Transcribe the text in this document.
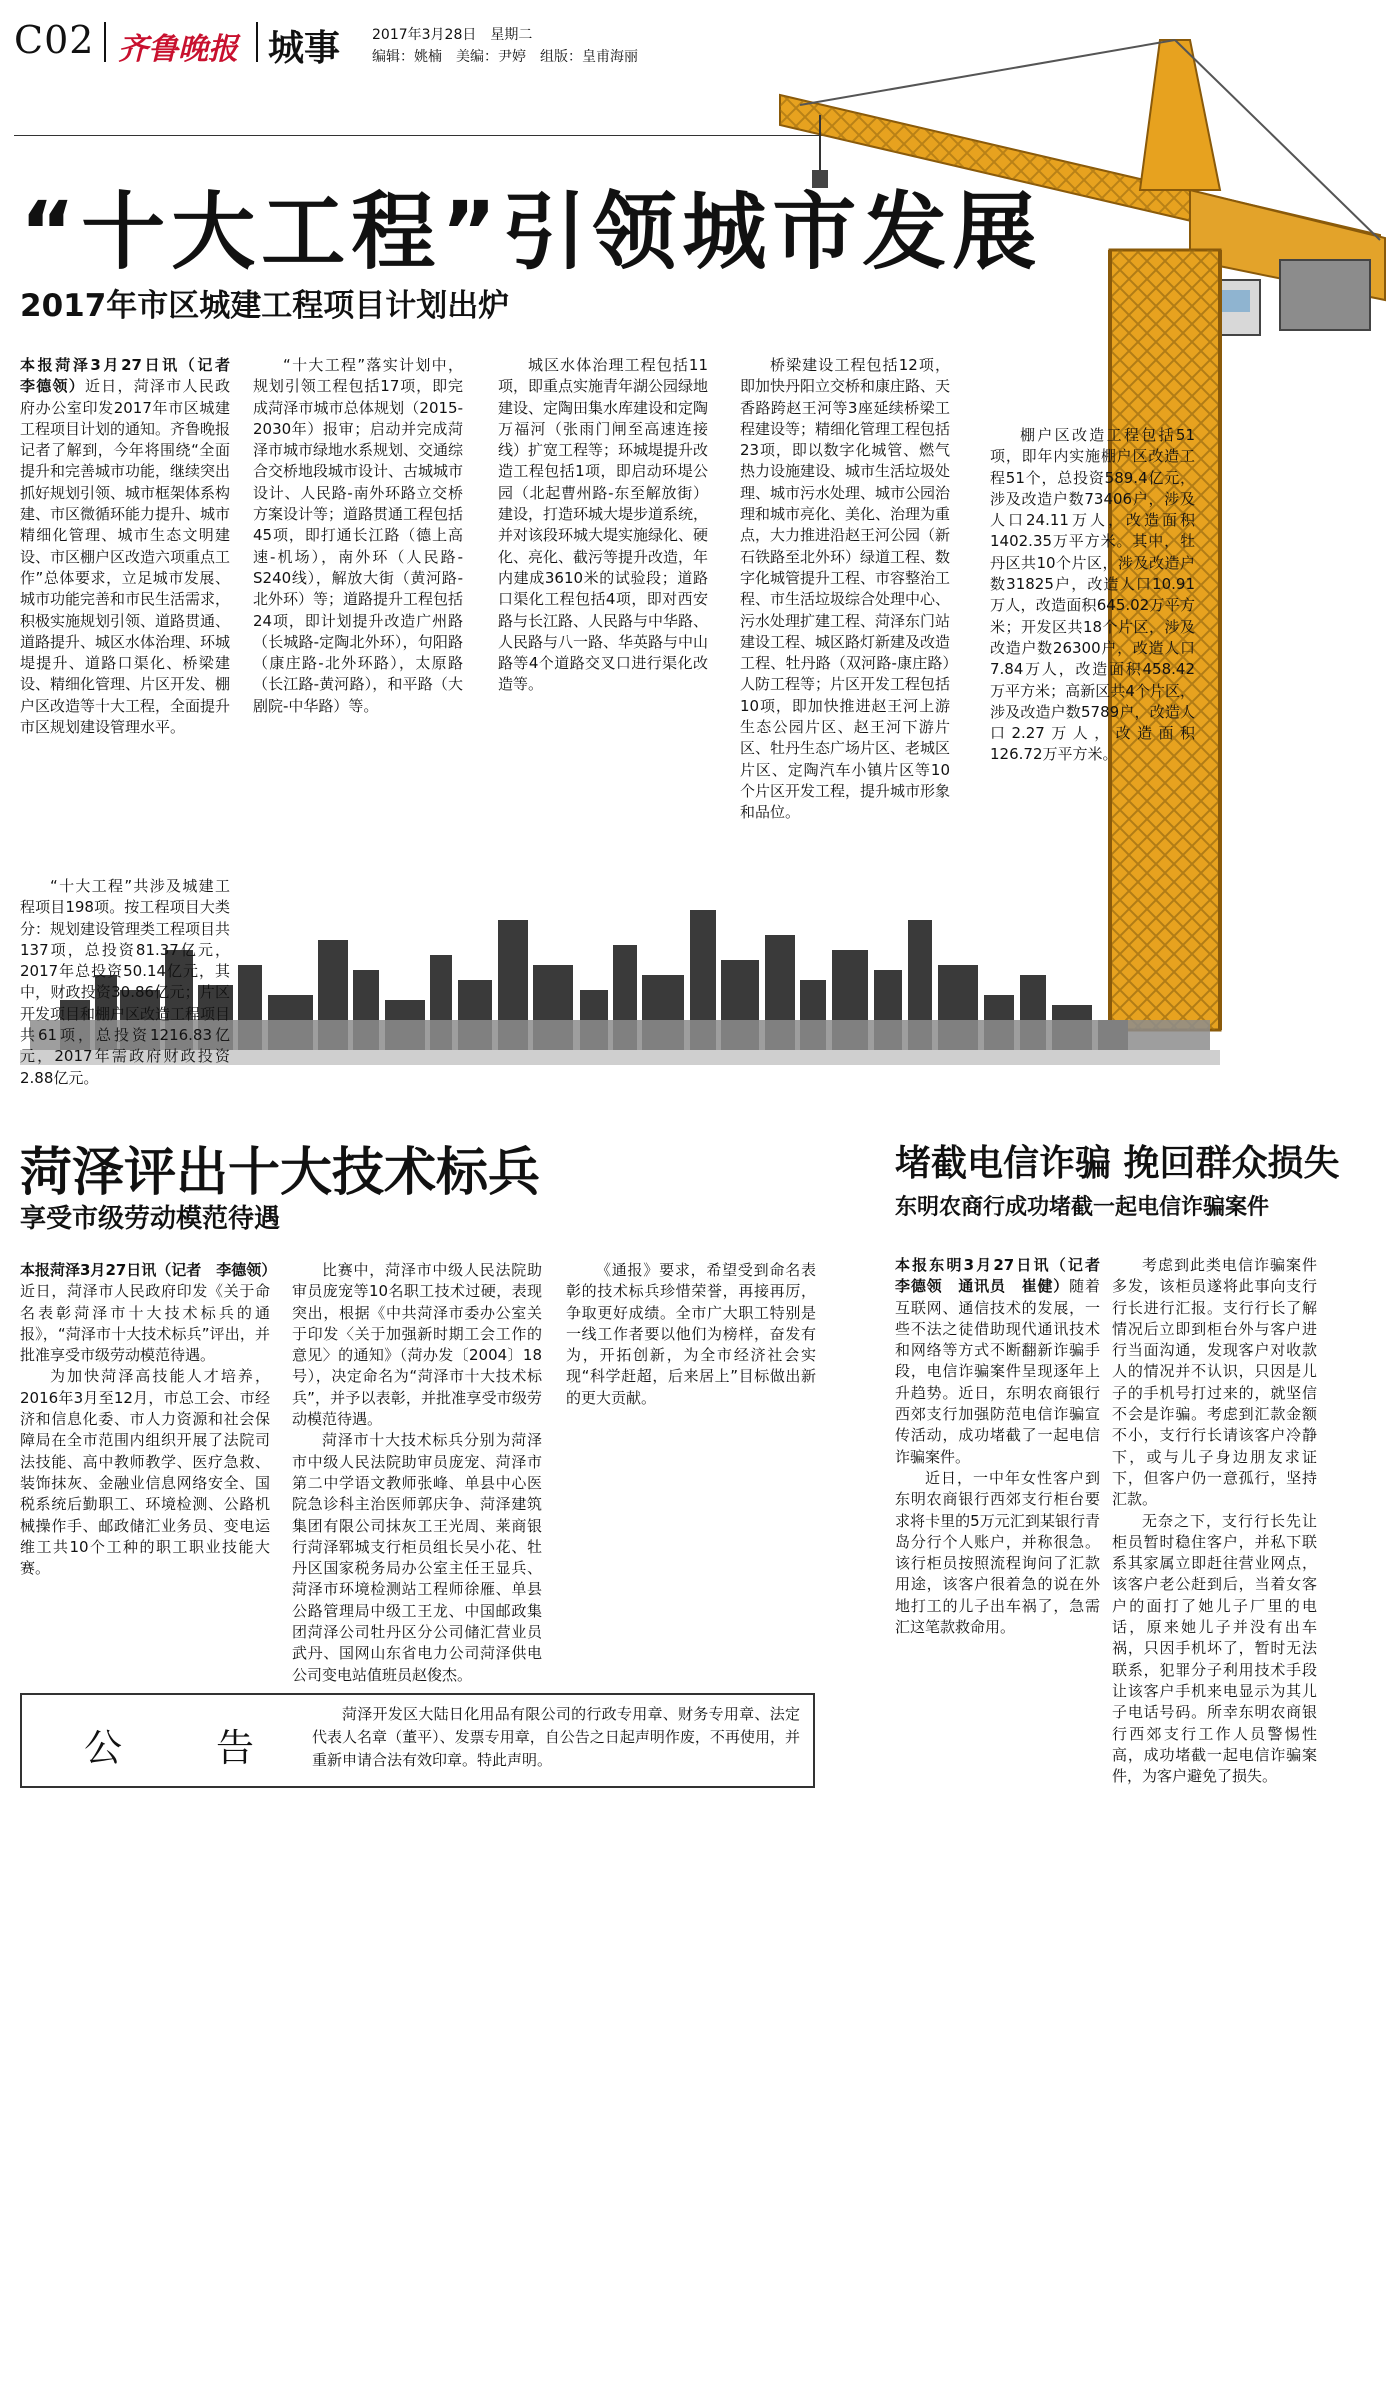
C02 齐鲁晚报 城事 2017年3月28日　星期二
编辑：姚楠　美编：尹婷　组版：皇甫海丽
“十大工程”引领城市发展
2017年市区城建工程项目计划出炉

本报菏泽3月27日讯（记者　李德领）近日，菏泽市人民政府办公室印发2017年市区城建工程项目计划的通知。齐鲁晚报记者了解到，今年将围绕“全面提升和完善城市功能，继续突出抓好规划引领、城市框架体系构建、市区微循环能力提升、城市精细化管理、城市生态文明建设、市区棚户区改造六项重点工作”总体要求，立足城市发展、城市功能完善和市民生活需求，积极实施规划引领、道路贯通、道路提升、城区水体治理、环城堤提升、道路口渠化、桥梁建设、精细化管理、片区开发、棚户区改造等十大工程，全面提升市区规划建设管理水平。

“十大工程”共涉及城建工程项目198项。按工程项目大类分：规划建设管理类工程项目共137项，总投资81.37亿元，2017年总投资50.14亿元，其中，财政投资30.86亿元；片区开发项目和棚户区改造工程项目共61项，总投资1216.83亿元，2017年需政府财政投资2.88亿元。

“十大工程”落实计划中，规划引领工程包括17项，即完成菏泽市城市总体规划（2015-2030年）报审；启动并完成菏泽市城市绿地水系规划、交通综合交桥地段城市设计、古城城市设计、人民路-南外环路立交桥方案设计等；道路贯通工程包括45项，即打通长江路（德上高速-机场），南外环（人民路-S240线），解放大街（黄河路-北外环）等；道路提升工程包括24项，即计划提升改造广州路（长城路-定陶北外环），句阳路（康庄路-北外环路），太原路（长江路-黄河路），和平路（大剧院-中华路）等。

城区水体治理工程包括11项，即重点实施青年湖公园绿地建设、定陶田集水库建设和定陶万福河（张雨门闸至高速连接线）扩宽工程等；环城堤提升改造工程包括1项，即启动环堤公园（北起曹州路-东至解放街）建设，打造环城大堤步道系统，并对该段环城大堤实施绿化、硬化、亮化、截污等提升改造，年内建成3610米的试验段；道路口渠化工程包括4项，即对西安路与长江路、人民路与中华路、人民路与八一路、华英路与中山路等4个道路交叉口进行渠化改造等。

桥梁建设工程包括12项，即加快丹阳立交桥和康庄路、天香路跨赵王河等3座延续桥梁工程建设等；精细化管理工程包括23项，即以数字化城管、燃气热力设施建设、城市生活垃圾处理、城市污水处理、城市公园治理和城市亮化、美化、治理为重点，大力推进沿赵王河公园（新石铁路至北外环）绿道工程、数字化城管提升工程、市容整治工程、市生活垃圾综合处理中心、污水处理扩建工程、菏泽东门站建设工程、城区路灯新建及改造工程、牡丹路（双河路-康庄路）人防工程等；片区开发工程包括10项，即加快推进赵王河上游生态公园片区、赵王河下游片区、牡丹生态广场片区、老城区片区、定陶汽车小镇片区等10个片区开发工程，提升城市形象和品位。

棚户区改造工程包括51项，即年内实施棚户区改造工程51个，总投资589.4亿元，涉及改造户数73406户，涉及人口24.11万人，改造面积1402.35万平方米。其中，牡丹区共10个片区，涉及改造户数31825户，改造人口10.91万人，改造面积645.02万平方米；开发区共18个片区，涉及改造户数26300户，改造人口7.84万人，改造面积458.42万平方米；高新区共4个片区，涉及改造户数5789户，改造人口2.27万人，改造面积126.72万平方米。

菏泽评出十大技术标兵
享受市级劳动模范待遇

本报菏泽3月27日讯（记者　李德领）近日，菏泽市人民政府印发《关于命名表彰菏泽市十大技术标兵的通报》，“菏泽市十大技术标兵”评出，并批准享受市级劳动模范待遇。

为加快菏泽高技能人才培养，2016年3月至12月，市总工会、市经济和信息化委、市人力资源和社会保障局在全市范围内组织开展了法院司法技能、高中教师教学、医疗急救、装饰抹灰、金融业信息网络安全、国税系统后勤职工、环境检测、公路机械操作手、邮政储汇业务员、变电运维工共10个工种的职工职业技能大赛。

比赛中，菏泽市中级人民法院助审员庞宠等10名职工技术过硬，表现突出，根据《中共菏泽市委办公室关于印发〈关于加强新时期工会工作的意见〉的通知》（菏办发〔2004〕18号），决定命名为“菏泽市十大技术标兵”，并予以表彰，并批准享受市级劳动模范待遇。

菏泽市十大技术标兵分别为菏泽市中级人民法院助审员庞宠、菏泽市第二中学语文教师张峰、单县中心医院急诊科主治医师郭庆争、菏泽建筑集团有限公司抹灰工王光周、莱商银行菏泽郓城支行柜员组长吴小花、牡丹区国家税务局办公室主任王显兵、菏泽市环境检测站工程师徐雁、单县公路管理局中级工王龙、中国邮政集团菏泽公司牡丹区分公司储汇营业员武丹、国网山东省电力公司菏泽供电公司变电站值班员赵俊杰。

《通报》要求，希望受到命名表彰的技术标兵珍惜荣誉，再接再厉，争取更好成绩。全市广大职工特别是一线工作者要以他们为榜样，奋发有为，开拓创新，为全市经济社会实现“科学赶超，后来居上”目标做出新的更大贡献。

公　告
菏泽开发区大陆日化用品有限公司的行政专用章、财务专用章、法定代表人名章（董平）、发票专用章，自公告之日起声明作废，不再使用，并重新申请合法有效印章。特此声明。
堵截电信诈骗 挽回群众损失
东明农商行成功堵截一起电信诈骗案件

本报东明3月27日讯（记者　李德领　通讯员　崔健）随着互联网、通信技术的发展，一些不法之徒借助现代通讯技术和网络等方式不断翻新诈骗手段，电信诈骗案件呈现逐年上升趋势。近日，东明农商银行西郊支行加强防范电信诈骗宣传活动，成功堵截了一起电信诈骗案件。

近日，一中年女性客户到东明农商银行西郊支行柜台要求将卡里的5万元汇到某银行青岛分行个人账户，并称很急。该行柜员按照流程询问了汇款用途，该客户很着急的说在外地打工的儿子出车祸了，急需汇这笔款救命用。

考虑到此类电信诈骗案件多发，该柜员遂将此事向支行行长进行汇报。支行行长了解情况后立即到柜台外与客户进行当面沟通，发现客户对收款人的情况并不认识，只因是儿子的手机号打过来的，就坚信不会是诈骗。考虑到汇款金额不小，支行行长请该客户冷静下，或与儿子身边朋友求证下，但客户仍一意孤行，坚持汇款。

无奈之下，支行行长先让柜员暂时稳住客户，并私下联系其家属立即赶往营业网点，该客户老公赶到后，当着女客户的面打了她儿子厂里的电话，原来她儿子并没有出车祸，只因手机坏了，暂时无法联系，犯罪分子利用技术手段让该客户手机来电显示为其儿子电话号码。所幸东明农商银行西郊支行工作人员警惕性高，成功堵截一起电信诈骗案件，为客户避免了损失。
